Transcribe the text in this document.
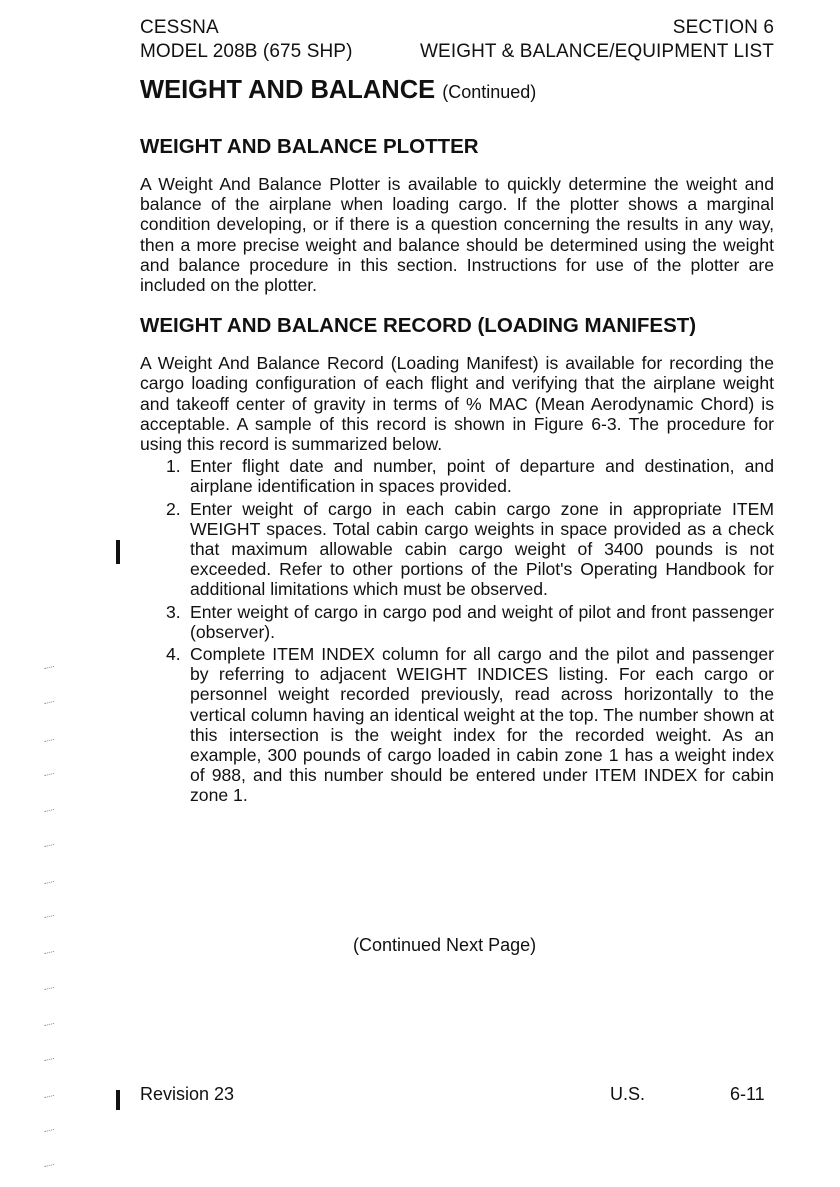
CESSNA	SECTION 6
MODEL 208B (675 SHP)	WEIGHT & BALANCE/EQUIPMENT LIST
WEIGHT AND BALANCE (Continued)
WEIGHT AND BALANCE PLOTTER
A Weight And Balance Plotter is available to quickly determine the weight and balance of the airplane when loading cargo. If the plotter shows a marginal condition developing, or if there is a question concerning the results in any way, then a more precise weight and balance should be determined using the weight and balance procedure in this section. Instructions for use of the plotter are included on the plotter.
WEIGHT AND BALANCE RECORD (LOADING MANIFEST)
A Weight And Balance Record (Loading Manifest) is available for recording the cargo loading configuration of each flight and verifying that the airplane weight and takeoff center of gravity in terms of % MAC (Mean Aerodynamic Chord) is acceptable. A sample of this record is shown in Figure 6-3. The procedure for using this record is summarized below.
1. Enter flight date and number, point of departure and destination, and airplane identification in spaces provided.
2. Enter weight of cargo in each cabin cargo zone in appropriate ITEM WEIGHT spaces. Total cabin cargo weights in space provided as a check that maximum allowable cabin cargo weight of 3400 pounds is not exceeded. Refer to other portions of the Pilot's Operating Handbook for additional limitations which must be observed.
3. Enter weight of cargo in cargo pod and weight of pilot and front passenger (observer).
4. Complete ITEM INDEX column for all cargo and the pilot and passenger by referring to adjacent WEIGHT INDICES listing. For each cargo or personnel weight recorded previously, read across horizontally to the vertical column having an identical weight at the top. The number shown at this intersection is the weight index for the recorded weight. As an example, 300 pounds of cargo loaded in cabin zone 1 has a weight index of 988, and this number should be entered under ITEM INDEX for cabin zone 1.
(Continued Next Page)
Revision 23	U.S.	6-11
